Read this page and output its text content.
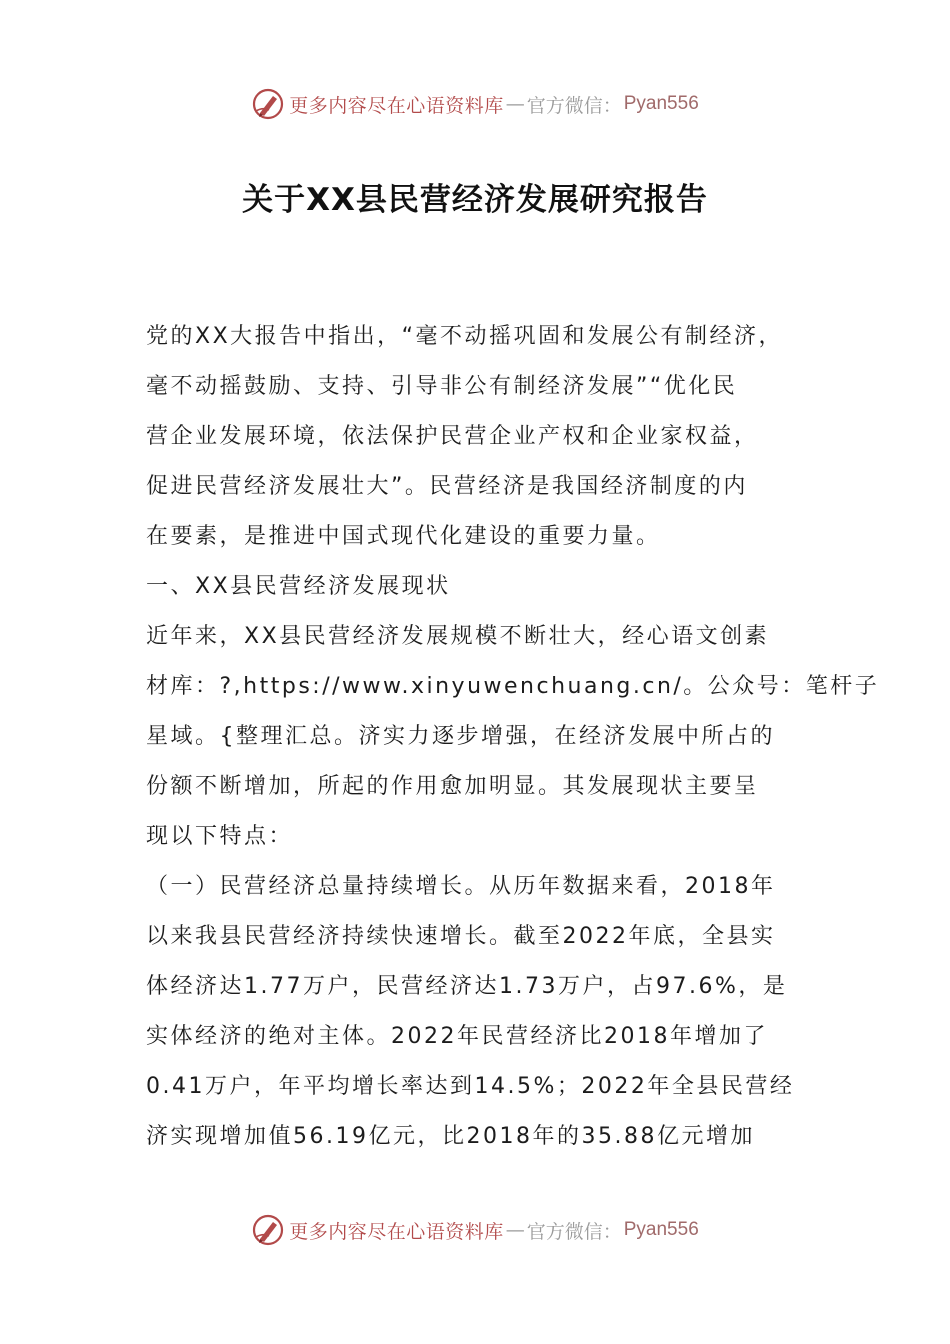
更多内容尽在心语资料库 — 官方微信： Pyan556
关于XX县民营经济发展研究报告
党的XX大报告中指出，“毫不动摇巩固和发展公有制经济，
毫不动摇鼓励、支持、引导非公有制经济发展”“优化民
营企业发展环境，依法保护民营企业产权和企业家权益，
促进民营经济发展壮大”。民营经济是我国经济制度的内
在要素，是推进中国式现代化建设的重要力量。
一、XX县民营经济发展现状
近年来，XX县民营经济发展规模不断壮大，经心语文创素
材库：?,https://www.xinyuwenchuang.cn/。公众号：笔杆子
星域。{整理汇总。济实力逐步增强，在经济发展中所占的
份额不断增加，所起的作用愈加明显。其发展现状主要呈
现以下特点：
（一）民营经济总量持续增长。从历年数据来看，2018年
以来我县民营经济持续快速增长。截至2022年底，全县实
体经济达1.77万户，民营经济达1.73万户，占97.6%，是
实体经济的绝对主体。2022年民营经济比2018年增加了
0.41万户，年平均增长率达到14.5%；2022年全县民营经
济实现增加值56.19亿元，比2018年的35.88亿元增加
更多内容尽在心语资料库 — 官方微信： Pyan556
